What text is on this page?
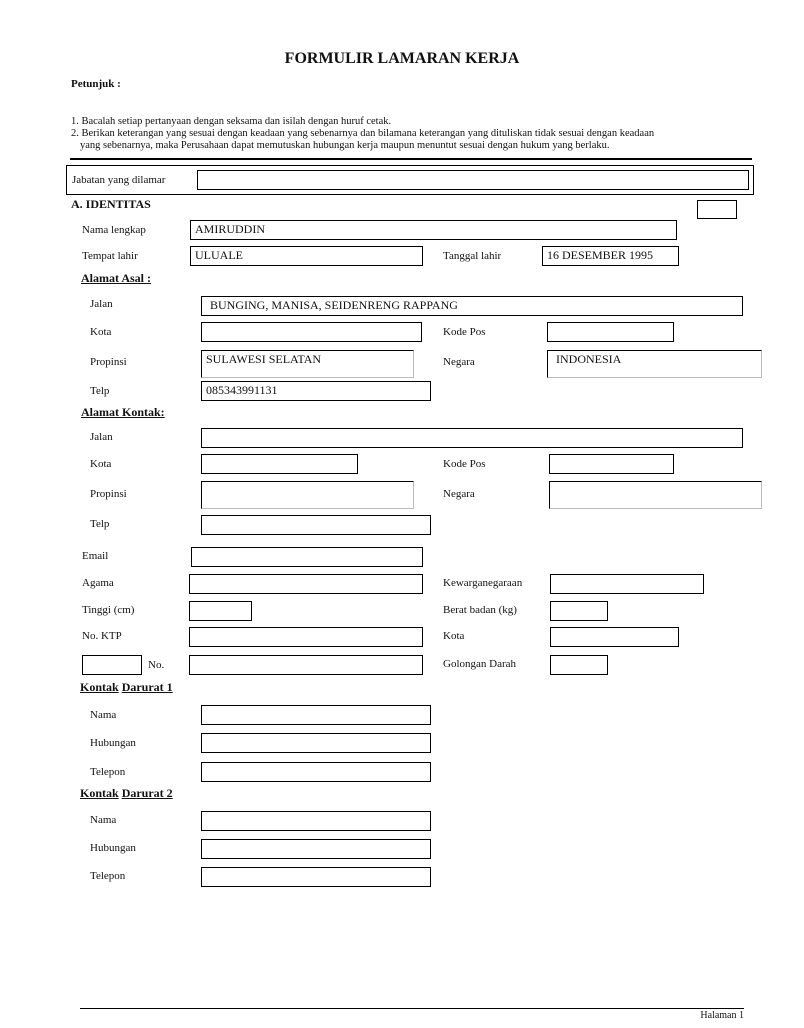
FORMULIR LAMARAN KERJA
Petunjuk :
1. Bacalah setiap pertanyaan dengan seksama dan isilah dengan huruf cetak.
2. Berikan keterangan yang sesuai dengan keadaan yang sebenarnya dan bilamana keterangan yang dituliskan tidak sesuai dengan keadaan
yang sebenarnya, maka Perusahaan dapat memutuskan hubungan kerja maupun menuntut sesuai dengan hukum yang berlaku.
Jabatan yang dilamar
A. IDENTITAS
Nama lengkap	AMIRUDDIN
Tempat lahir	ULUALE	Tanggal lahir	16 DESEMBER 1995
Alamat Asal :
Jalan	BUNGING, MANISA, SEIDENRENG RAPPANG
Kota	Kode Pos
Propinsi	SULAWESI SELATAN	Negara	INDONESIA
Telp	085343991131
Alamat Kontak:
Jalan
Kota	Kode Pos
Propinsi	Negara
Telp
Email
Agama	Kewarganegaraan
Tinggi (cm)	Berat badan (kg)
No. KTP	Kota
No.	Golongan Darah
Kontak Darurat 1
Nama
Hubungan
Telepon
Kontak Darurat 2
Nama
Hubungan
Telepon
Halaman 1
